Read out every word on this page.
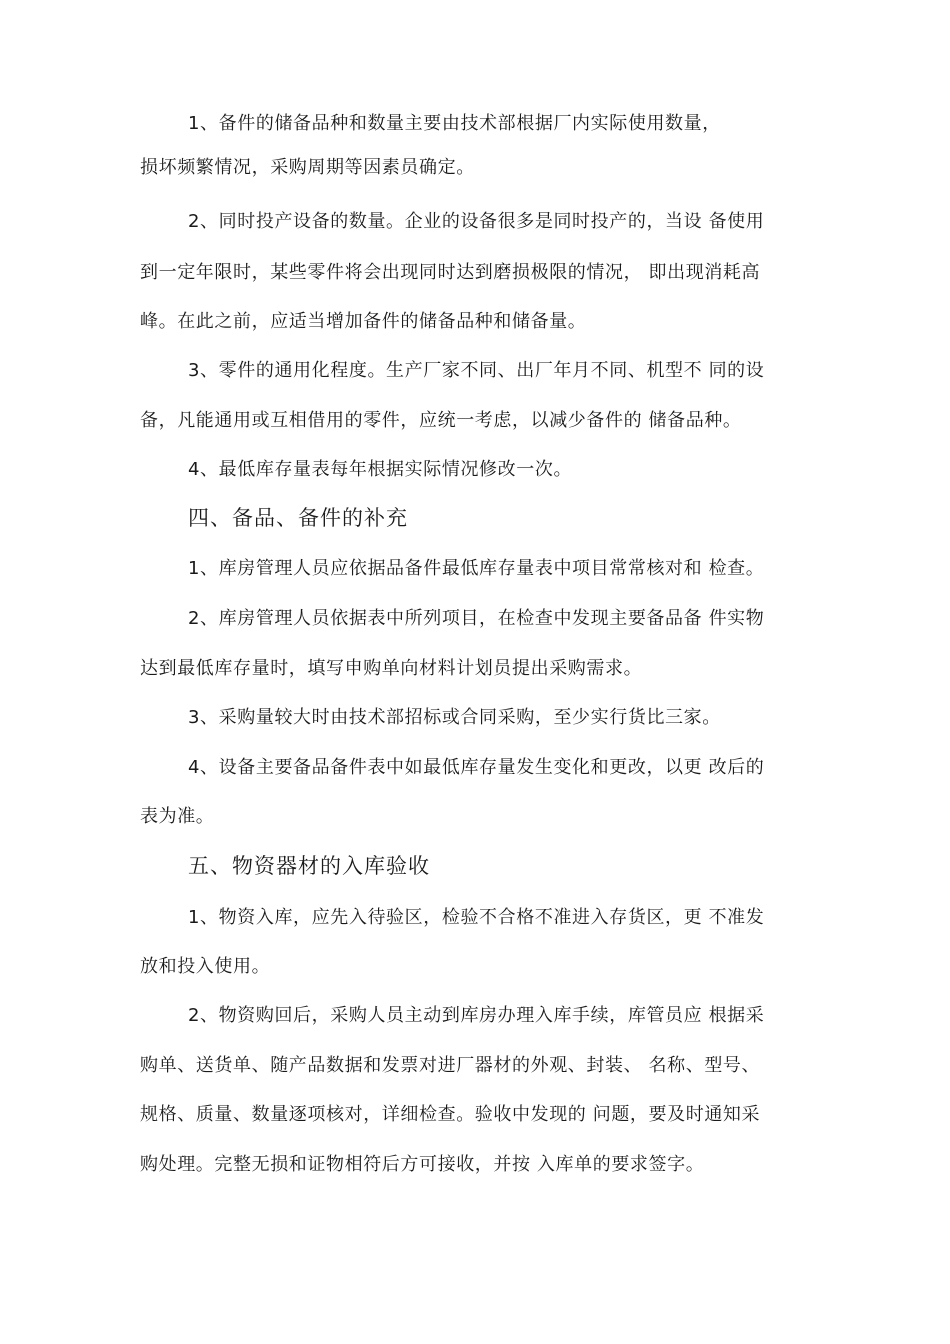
1、备件的储备品种和数量主要由技术部根据厂内实际使用数量，
损坏频繁情况，采购周期等因素员确定。
2、同时投产设备的数量。企业的设备很多是同时投产的，当设 备使用
到一定年限时，某些零件将会出现同时达到磨损极限的情况， 即出现消耗高
峰。在此之前，应适当增加备件的储备品种和储备量。
3、零件的通用化程度。生产厂家不同、出厂年月不同、机型不 同的设
备，凡能通用或互相借用的零件，应统一考虑，以减少备件的 储备品种。
4、最低库存量表每年根据实际情况修改一次。
四、备品、备件的补充
1、库房管理人员应依据品备件最低库存量表中项目常常核对和 检查。
2、库房管理人员依据表中所列项目，在检查中发现主要备品备 件实物
达到最低库存量时，填写申购单向材料计划员提出采购需求。
3、采购量较大时由技术部招标或合同采购，至少实行货比三家。
4、设备主要备品备件表中如最低库存量发生变化和更改，以更 改后的
表为准。
五、物资器材的入库验收
1、物资入库，应先入待验区，检验不合格不准进入存货区，更 不准发
放和投入使用。
2、物资购回后，采购人员主动到库房办理入库手续，库管员应 根据采
购单、送货单、随产品数据和发票对进厂器材的外观、封装、 名称、型号、
规格、质量、数量逐项核对，详细检查。验收中发现的 问题，要及时通知采
购处理。完整无损和证物相符后方可接收，并按 入库单的要求签字。
